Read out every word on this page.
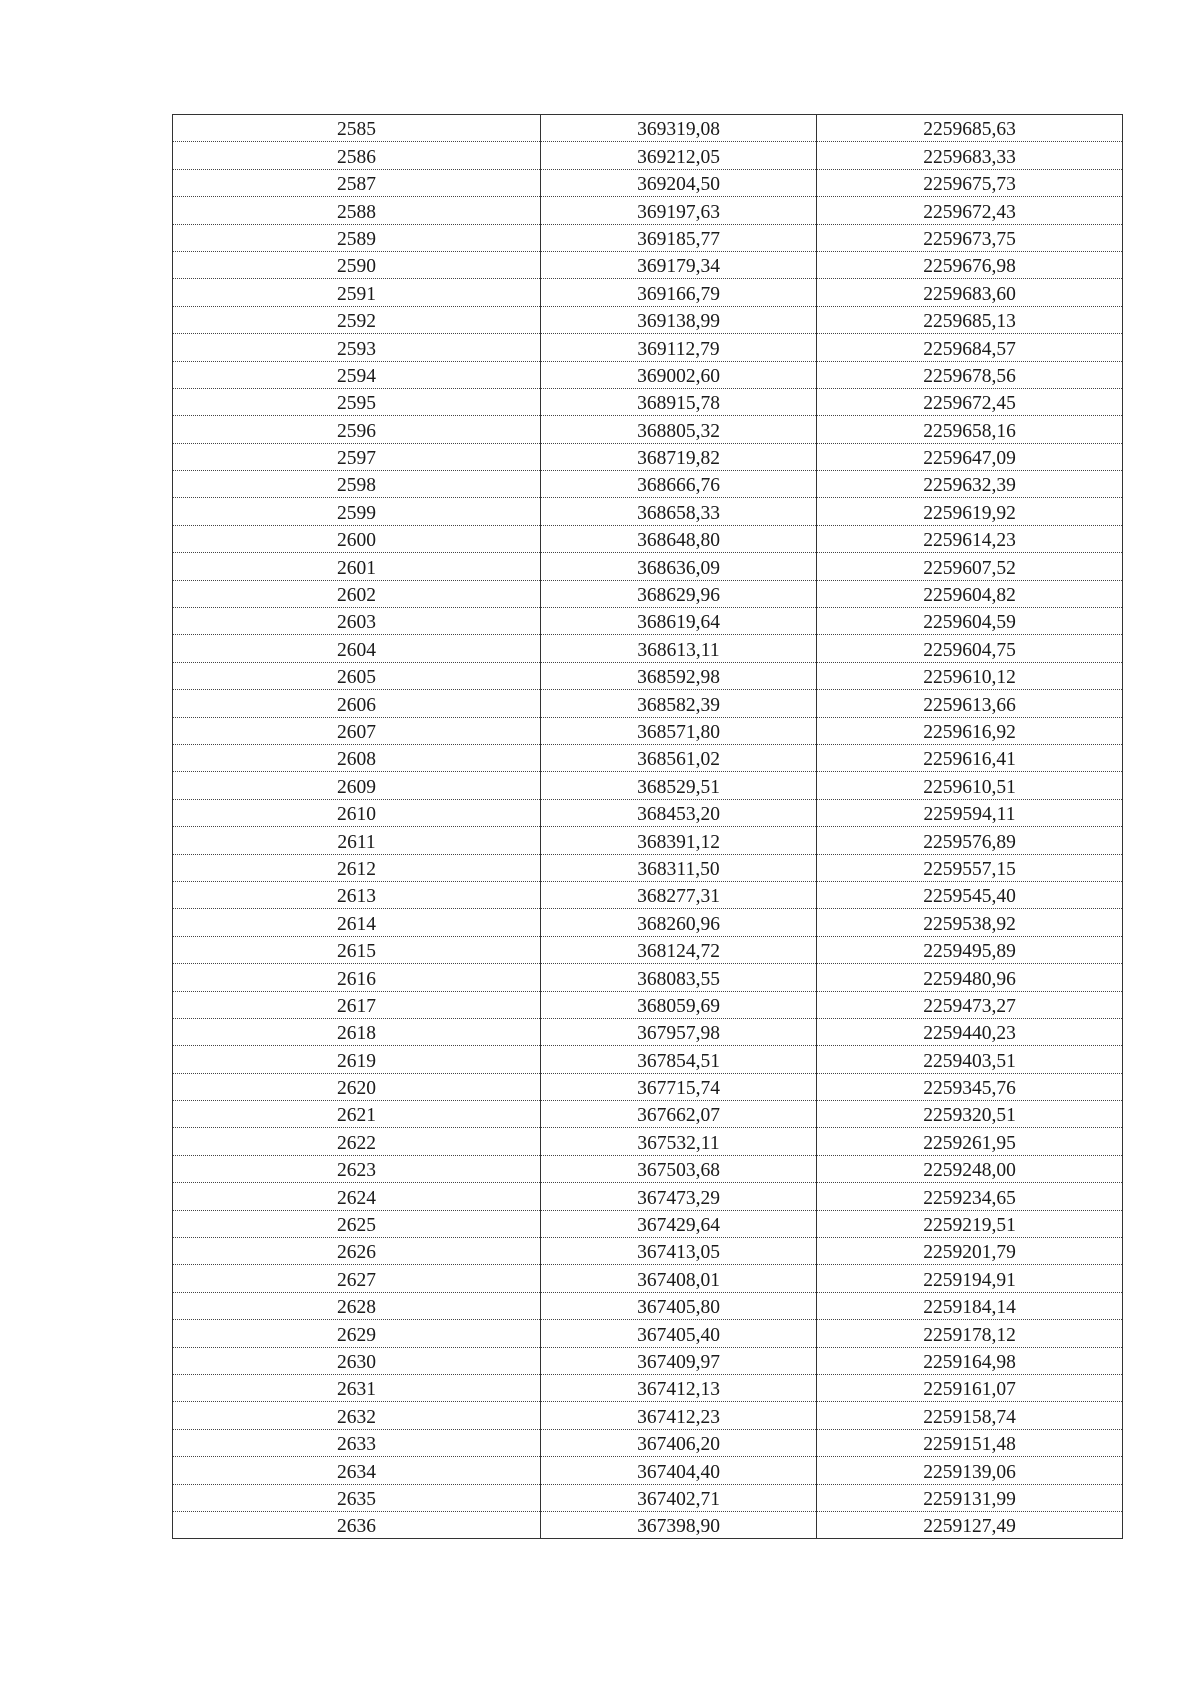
2585	369319,08	2259685,63
2586	369212,05	2259683,33
2587	369204,50	2259675,73
2588	369197,63	2259672,43
2589	369185,77	2259673,75
2590	369179,34	2259676,98
2591	369166,79	2259683,60
2592	369138,99	2259685,13
2593	369112,79	2259684,57
2594	369002,60	2259678,56
2595	368915,78	2259672,45
2596	368805,32	2259658,16
2597	368719,82	2259647,09
2598	368666,76	2259632,39
2599	368658,33	2259619,92
2600	368648,80	2259614,23
2601	368636,09	2259607,52
2602	368629,96	2259604,82
2603	368619,64	2259604,59
2604	368613,11	2259604,75
2605	368592,98	2259610,12
2606	368582,39	2259613,66
2607	368571,80	2259616,92
2608	368561,02	2259616,41
2609	368529,51	2259610,51
2610	368453,20	2259594,11
2611	368391,12	2259576,89
2612	368311,50	2259557,15
2613	368277,31	2259545,40
2614	368260,96	2259538,92
2615	368124,72	2259495,89
2616	368083,55	2259480,96
2617	368059,69	2259473,27
2618	367957,98	2259440,23
2619	367854,51	2259403,51
2620	367715,74	2259345,76
2621	367662,07	2259320,51
2622	367532,11	2259261,95
2623	367503,68	2259248,00
2624	367473,29	2259234,65
2625	367429,64	2259219,51
2626	367413,05	2259201,79
2627	367408,01	2259194,91
2628	367405,80	2259184,14
2629	367405,40	2259178,12
2630	367409,97	2259164,98
2631	367412,13	2259161,07
2632	367412,23	2259158,74
2633	367406,20	2259151,48
2634	367404,40	2259139,06
2635	367402,71	2259131,99
2636	367398,90	2259127,49
